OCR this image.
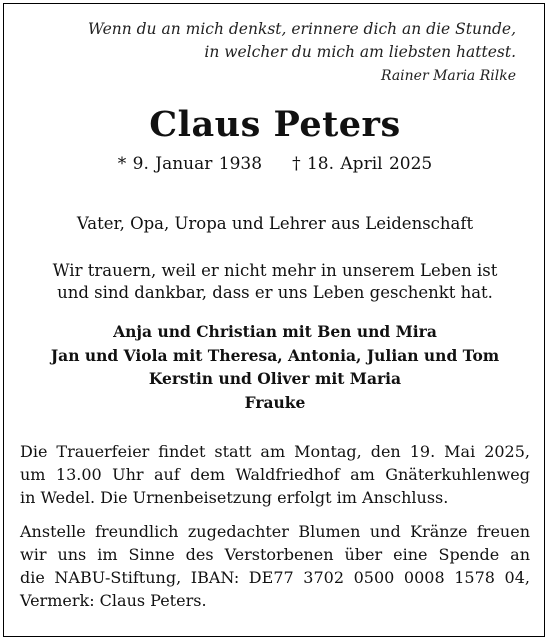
Wenn du an mich denkst, erinnere dich an die Stunde,
in welcher du mich am liebsten hattest.
Rainer Maria Rilke
Claus Peters
* 9. Januar 1938 † 18. April 2025
Vater, Opa, Uropa und Lehrer aus Leidenschaft
Wir trauern, weil er nicht mehr in unserem Leben ist
und sind dankbar, dass er uns Leben geschenkt hat.
Anja und Christian mit Ben und Mira
Jan und Viola mit Theresa, Antonia, Julian und Tom
Kerstin und Oliver mit Maria
Frauke
Die Trauerfeier findet statt am Montag, den 19. Mai 2025,
um 13.00 Uhr auf dem Waldfriedhof am Gnäterkuhlenweg
in Wedel. Die Urnenbeisetzung erfolgt im Anschluss.
Anstelle freundlich zugedachter Blumen und Kränze freuen
wir uns im Sinne des Verstorbenen über eine Spende an
die NABU-Stiftung, IBAN: DE77 3702 0500 0008 1578 04,
Vermerk: Claus Peters.
